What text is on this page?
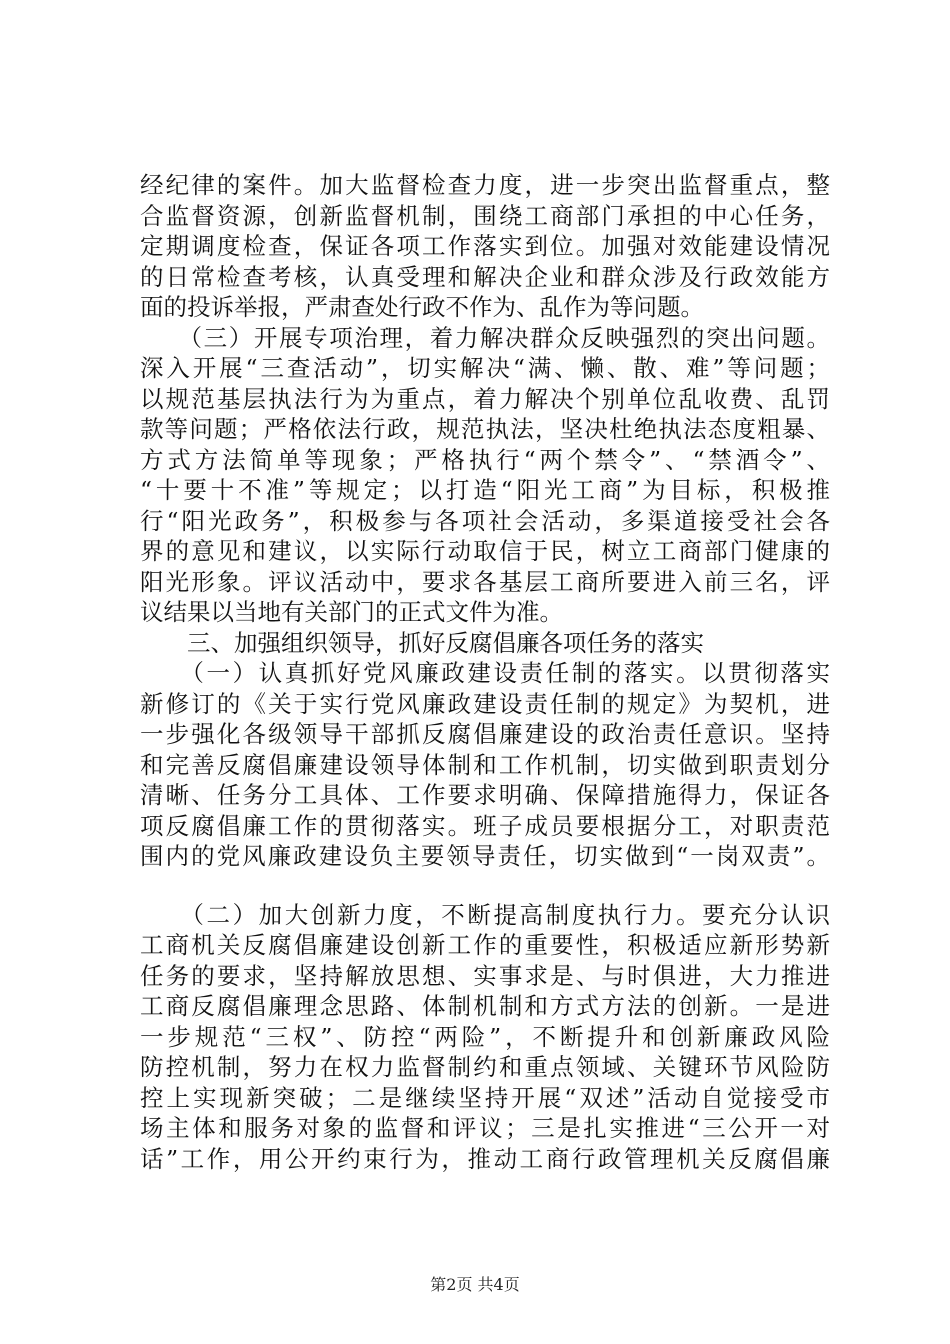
经纪律的案件。加大监督检查力度，进一步突出监督重点，整
合监督资源，创新监督机制，围绕工商部门承担的中心任务，
定期调度检查，保证各项工作落实到位。加强对效能建设情况
的日常检查考核，认真受理和解决企业和群众涉及行政效能方
面的投诉举报，严肃查处行政不作为、乱作为等问题。
　　（三）开展专项治理，着力解决群众反映强烈的突出问题。
深入开展“三查活动”，切实解决“满、懒、散、难”等问题；
以规范基层执法行为为重点，着力解决个别单位乱收费、乱罚
款等问题；严格依法行政，规范执法，坚决杜绝执法态度粗暴、
方式方法简单等现象；严格执行“两个禁令”、“禁酒令”、
“十要十不准”等规定；以打造“阳光工商”为目标，积极推
行“阳光政务”，积极参与各项社会活动，多渠道接受社会各
界的意见和建议，以实际行动取信于民，树立工商部门健康的
阳光形象。评议活动中，要求各基层工商所要进入前三名，评
议结果以当地有关部门的正式文件为准。
　　三、加强组织领导，抓好反腐倡廉各项任务的落实
　　（一）认真抓好党风廉政建设责任制的落实。以贯彻落实
新修订的《关于实行党风廉政建设责任制的规定》为契机，进
一步强化各级领导干部抓反腐倡廉建设的政治责任意识。坚持
和完善反腐倡廉建设领导体制和工作机制，切实做到职责划分
清晰、任务分工具体、工作要求明确、保障措施得力，保证各
项反腐倡廉工作的贯彻落实。班子成员要根据分工，对职责范
围内的党风廉政建设负主要领导责任，切实做到“一岗双责”。
　　（二）加大创新力度，不断提高制度执行力。要充分认识
工商机关反腐倡廉建设创新工作的重要性，积极适应新形势新
任务的要求，坚持解放思想、实事求是、与时俱进，大力推进
工商反腐倡廉理念思路、体制机制和方式方法的创新。一是进
一步规范“三权”、防控“两险”，不断提升和创新廉政风险
防控机制，努力在权力监督制约和重点领域、关键环节风险防
控上实现新突破；二是继续坚持开展“双述”活动自觉接受市
场主体和服务对象的监督和评议；三是扎实推进“三公开一对
话”工作，用公开约束行为，推动工商行政管理机关反腐倡廉
第2页 共4页
